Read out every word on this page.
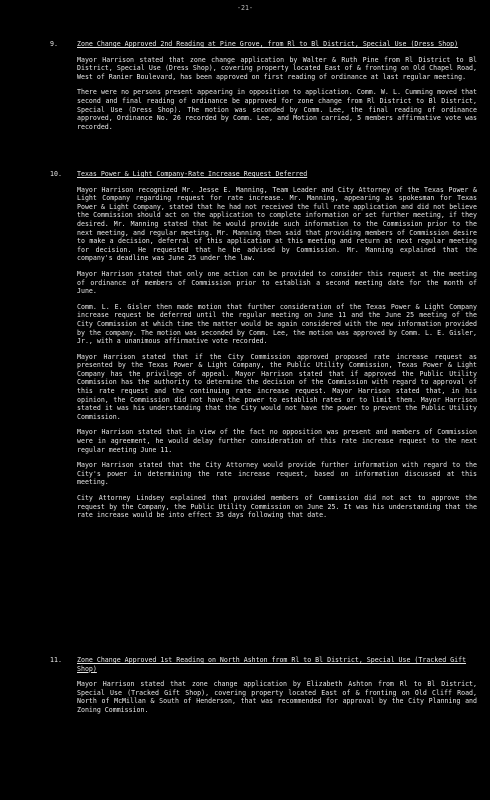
-21-
9.	Zone Change Approved 2nd Reading at Pine Grove, from Rl to Bl District, Special Use (Dress Shop)
Mayor Harrison stated that zone change application by Walter & Ruth Pine from Rl District to Bl District, Special Use (Dress Shop), covering property located East of & fronting on Old Chapel Road, West of Ranier Boulevard, has been approved on first reading of ordinance at last regular meeting.
There were no persons present appearing in opposition to application. Comm. W. L. Cumming moved that second and final reading of ordinance be approved for zone change from Rl District to Bl District, Special Use (Dress Shop). The motion was seconded by Comm. Lee, the final reading of ordinance approved, Ordinance No. 26 recorded by Comm. Lee, and Motion carried, 5 members affirmative vote was recorded.
10. Texas Power & Light Company-Rate Increase Request Deferred
Mayor Harrison recognized Mr. Jesse E. Manning, Team Leader and City Attorney of the Texas Power & Light Company regarding request for rate increase. Mr. Manning, appearing as spokesman for Texas Power & Light Company, stated that he had not received the full rate application and did not believe the Commission should act on the application to complete information or set further meeting, if they desired. Mr. Manning stated that he would provide such information to the Commission prior to the next meeting, and regular meeting. Mr. Manning then said that providing members of Commission desire to make a decision, deferral of this application at this meeting and return at next regular meeting for decision. He requested that he be advised by Commission. Mr. Manning explained that the company's deadline was June 25 under the law.
Mayor Harrison stated that only one action can be provided to consider this request at the meeting of ordinance of members of Commission prior to establish a second meeting date for the month of June.
Comm. L. E. Gisler then made motion that further consideration of the Texas Power & Light Company increase request be deferred until the regular meeting on June 11 and the June 25 meeting of the City Commission at which time the matter would be again considered with the new information provided by the company. The motion was seconded by Comm. Lee, the motion was approved by Comm. L. E. Gisler, Jr., with a unanimous affirmative vote recorded.
Mayor Harrison stated that if the City Commission approved proposed rate increase request as presented by the Texas Power & Light Company, the Public Utility Commission, Texas Power & Light Company has the privilege of appeal. Mayor Harrison stated that if approved the Public Utility Commission has the authority to determine the decision of the Commission with regard to approval of this rate request and the continuing rate increase request. Mayor Harrison stated that, in his opinion, the Commission did not have the power to establish rates or to limit them. Mayor Harrison stated it was his understanding that the City would not have the power to prevent the Public Utility Commission.
Mayor Harrison stated that in view of the fact no opposition was present and members of Commission were in agreement, he would delay further consideration of this rate increase request to the next regular meeting June 11.
Mayor Harrison stated that the City Attorney would provide further information with regard to the City's power in determining the rate increase request, based on information discussed at this meeting.
City Attorney Lindsey explained that provided members of Commission did not act to approve the request by the Company, the Public Utility Commission on June 25. It was his understanding that the rate increase would be into effect 35 days following that date.
11. Zone Change Approved 1st Reading on North Ashton from Rl to Bl District, Special Use (Tracked Gift Shop)
Mayor Harrison stated that zone change application by Elizabeth Ashton from Rl to Bl District, Special Use (Tracked Gift Shop), covering property located East of & fronting on Old Cliff Road, North of McMillan & South of Henderson, that was recommended for approval by the City Planning and Zoning Commission.
